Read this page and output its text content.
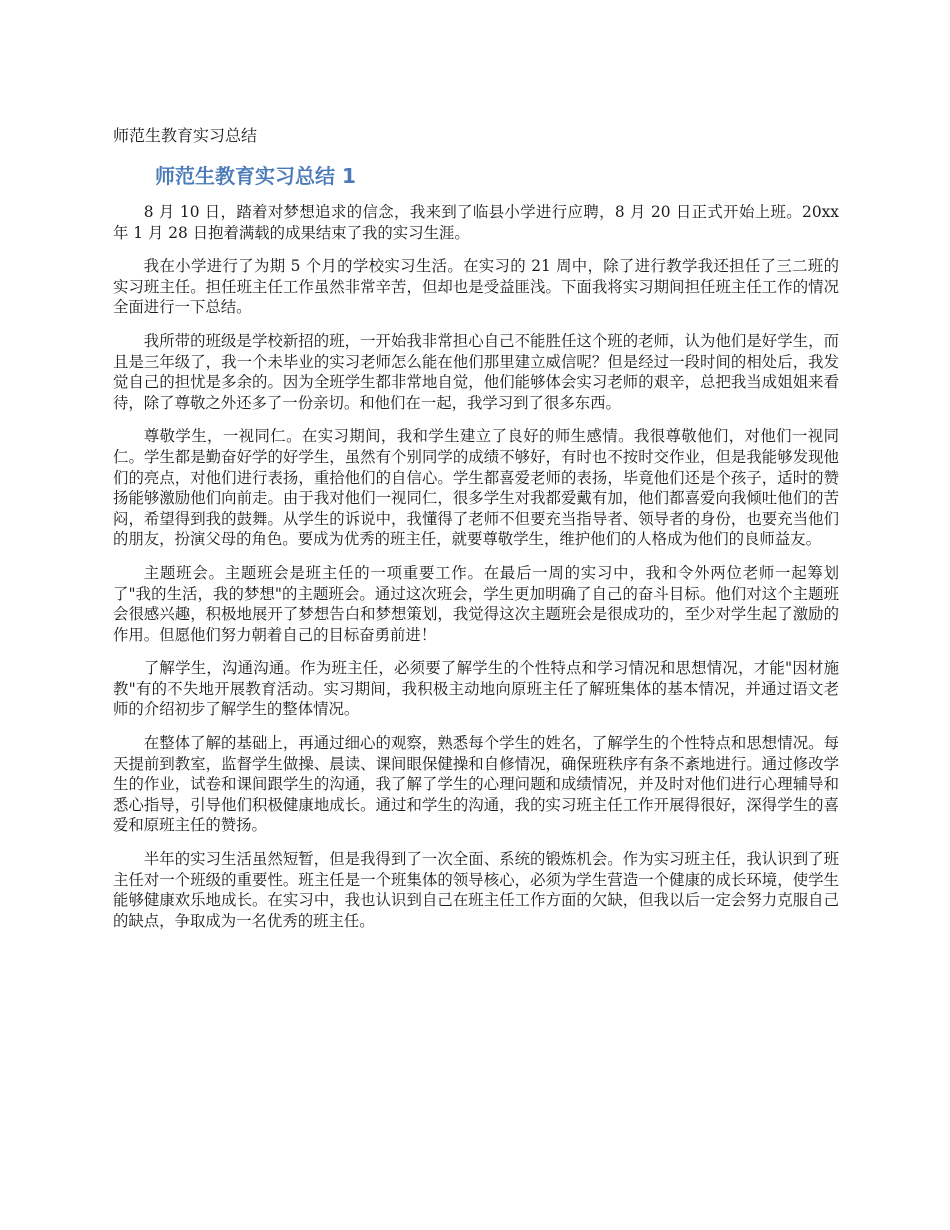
师范生教育实习总结
师范生教育实习总结 1

8 月 10 日，踏着对梦想追求的信念，我来到了临县小学进行应聘，8 月 20 日正式开始上班。20xx 年 1 月 28 日抱着满载的成果结束了我的实习生涯。

我在小学进行了为期 5 个月的学校实习生活。在实习的 21 周中，除了进行教学我还担任了三二班的实习班主任。担任班主任工作虽然非常辛苦，但却也是受益匪浅。下面我将实习期间担任班主任工作的情况全面进行一下总结。

我所带的班级是学校新招的班，一开始我非常担心自己不能胜任这个班的老师，认为他们是好学生，而且是三年级了，我一个未毕业的实习老师怎么能在他们那里建立威信呢？但是经过一段时间的相处后，我发觉自己的担忧是多余的。因为全班学生都非常地自觉，他们能够体会实习老师的艰辛，总把我当成姐姐来看待，除了尊敬之外还多了一份亲切。和他们在一起，我学习到了很多东西。

尊敬学生，一视同仁。在实习期间，我和学生建立了良好的师生感情。我很尊敬他们，对他们一视同仁。学生都是勤奋好学的好学生，虽然有个别同学的成绩不够好，有时也不按时交作业，但是我能够发现他们的亮点，对他们进行表扬，重拾他们的自信心。学生都喜爱老师的表扬，毕竟他们还是个孩子，适时的赞扬能够激励他们向前走。由于我对他们一视同仁，很多学生对我都爱戴有加，他们都喜爱向我倾吐他们的苦闷，希望得到我的鼓舞。从学生的诉说中，我懂得了老师不但要充当指导者、领导者的身份，也要充当他们的朋友，扮演父母的角色。要成为优秀的班主任，就要尊敬学生，维护他们的人格成为他们的良师益友。

主题班会。主题班会是班主任的一项重要工作。在最后一周的实习中，我和令外两位老师一起筹划了"我的生活，我的梦想"的主题班会。通过这次班会，学生更加明确了自己的奋斗目标。他们对这个主题班会很感兴趣，积极地展开了梦想告白和梦想策划，我觉得这次主题班会是很成功的，至少对学生起了激励的作用。但愿他们努力朝着自己的目标奋勇前进！

了解学生，沟通沟通。作为班主任，必须要了解学生的个性特点和学习情况和思想情况，才能"因材施教"有的不失地开展教育活动。实习期间，我积极主动地向原班主任了解班集体的基本情况，并通过语文老师的介绍初步了解学生的整体情况。

在整体了解的基础上，再通过细心的观察，熟悉每个学生的姓名，了解学生的个性特点和思想情况。每天提前到教室，监督学生做操、晨读、课间眼保健操和自修情况，确保班秩序有条不紊地进行。通过修改学生的作业，试卷和课间跟学生的沟通，我了解了学生的心理问题和成绩情况，并及时对他们进行心理辅导和悉心指导，引导他们积极健康地成长。通过和学生的沟通，我的实习班主任工作开展得很好，深得学生的喜爱和原班主任的赞扬。

半年的实习生活虽然短暂，但是我得到了一次全面、系统的锻炼机会。作为实习班主任，我认识到了班主任对一个班级的重要性。班主任是一个班集体的领导核心，必须为学生营造一个健康的成长环境，使学生能够健康欢乐地成长。在实习中，我也认识到自己在班主任工作方面的欠缺，但我以后一定会努力克服自己的缺点，争取成为一名优秀的班主任。
